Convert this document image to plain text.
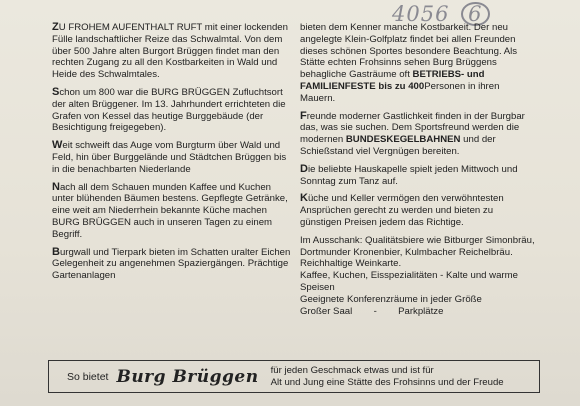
4056 6

ZU FROHEM AUFENTHALT RUFT mit einer lockenden Fülle landschaftlicher Reize das Schwalmtal. Von dem über 500 Jahre alten Burgort Brüggen findet man den rechten Zugang zu all den Kostbarkeiten in Wald und Heide des Schwalmtales.

Schon um 800 war die BURG BRÜGGEN Zufluchtsort der alten Brüggener. Im 13. Jahrhundert errichteten die Grafen von Kessel das heutige Burggebäude (der Besichtigung freigegeben).

Weit schweift das Auge vom Burgturm über Wald und Feld, hin über Burggelände und Städtchen Brüggen bis in die benachbarten Niederlande

Nach all dem Schauen munden Kaffee und Kuchen unter blühenden Bäumen bestens. Gepflegte Getränke, eine weit am Niederrhein bekannte Küche machen BURG BRÜGGEN auch in unseren Tagen zu einem Begriff.

Burgwall und Tierpark bieten im Schatten uralter Eichen Gelegenheit zu angenehmen Spaziergängen. Prächtige Gartenanlagen

bieten dem Kenner manche Kostbarkeit. Der neu angelegte Klein-Golfplatz findet bei allen Freunden dieses schönen Sportes besondere Beachtung. Als Stätte echten Frohsinns sehen Burg Brüggens behagliche Gasträume oft BETRIEBS- und FAMILIENFESTE bis zu 400Personen in ihren Mauern.

Freunde moderner Gastlichkeit finden in der Burgbar das, was sie suchen. Dem Sportsfreund werden die modernen BUNDESKEGELBAHNEN und der Schießstand viel Vergnügen bereiten.

Die beliebte Hauskapelle spielt jeden Mittwoch und Sonntag zum Tanz auf.

Küche und Keller vermögen den verwöhntesten Ansprüchen gerecht zu werden und bieten zu günstigen Preisen jedem das Richtige.

Im Ausschank: Qualitätsbiere wie Bitburger Simonbräu, Dortmunder Kronenbier, Kulmbacher Reichelbräu.
Reichhaltige Weinkarte.
Kaffee, Kuchen, Eisspezialitäten - Kalte und warme Speisen
Geeignete Konferenzräume in jeder Größe
Großer Saal        -        Parkplätze
So bietet Burg Brüggen für jeden Geschmack etwas und ist für
Alt und Jung eine Stätte des Frohsinns und der Freude
